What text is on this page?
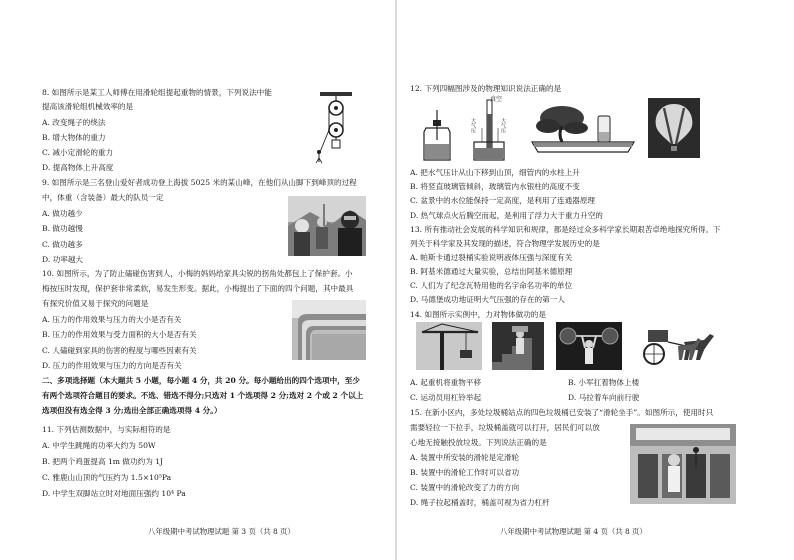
8. 如图所示是某工人师傅在用滑轮组提起重物的情景，下列说法中能
提高该滑轮组机械效率的是
A. 改变绳子的绕法
B. 增大物体的重力
C. 减小定滑轮的重力
D. 提高物体上升高度
9. 如图所示是三名登山爱好者成功登上海拔 5025 米的某山峰，在他们从山脚下到峰顶的过程
中，体重（含装备）最大的队员一定
A. 做功越少
B. 做功越慢
C. 做功越多
D. 功率越大
10. 如图所示，为了防止磕碰伤害到人，小梅的妈妈给家具尖锐的拐角处都包上了保护套。小
梅按压时发现，保护套非常柔软，易发生形变。据此，小梅提出了下面的四个问题，其中最具
有探究价值又易于探究的问题是
A. 压力的作用效果与压力的大小是否有关
B. 压力的作用效果与受力面积的大小是否有关
C. 人磕碰到家具的伤害的程度与哪些因素有关
D. 压力的作用效果与压力的方向是否有关
二、多项选择题（本大题共 5 小题，每小题 4 分，共 20 分。每小题给出的四个选项中，至少
有两个选项符合题目的要求。不选、错选不得分;只选对 1 个选项得 2 分;选对 2 个或 2 个以上
选项但没有选全得 3 分;选出全部正确选项得 4 分。）
11. 下列估测数据中，与实际相符的是
A. 中学生跳绳的功率大约为 50W
B. 把两个鸡蛋提高 1m 做功约为 1J
C. 雅鹿山山顶的气压约为 1.5×10⁵Pa
D. 中学生双脚站立时对地面压强约 10⁴ Pa
八年级期中考试物理试题 第 3 页（共 8 页）
12. 下列四幅图涉及的物理知识说法正确的是
真空
大气压	大气压
A. 把水气压计从山下移到山顶，细管内的水柱上升
B. 将竖直玻璃管倾斜，玻璃管内水银柱的高度不变
C. 盆景中的水位能保持一定高度，是利用了连通器原理
D. 热气球点火后腾空而起，是利用了浮力大于重力升空的
13. 所有推动社会发展的科学知识和规律，都是经过众多科学家长期艰苦卓绝地探究所得。下
列关于科学家及其发现的描述，符合物理学发展历史的是
A. 帕斯卡通过裂桶实验说明液体压强与深度有关
B. 阿基米德通过大量实验，总结出阿基米德原理
C. 人们为了纪念瓦特用他的名字命名功率的单位
D. 马德堡成功地证明大气压强的存在的第一人
14. 如图所示实例中，力对物体做功的是
A. 起重机将重物平移	B. 小军扛着物体上楼
C. 运动员用杠铃举起	D. 马拉着车向前行驶
15. 在新小区内，多处垃圾桶站点的四色垃圾桶已安装了“滑轮坐手”。如图所示，使用时只
需要轻拉一下拉手，垃圾桶盖就可以打开，居民们可以放
心地无接触投放垃圾。下列说法正确的是
A. 装置中所安装的滑轮是定滑轮
B. 装置中的滑轮工作时可以省功
C. 装置中的滑轮改变了力的方向
D. 绳子拉起桶盖时，桶盖可视为省力杠杆
八年级期中考试物理试题 第 4 页（共 8 页）
